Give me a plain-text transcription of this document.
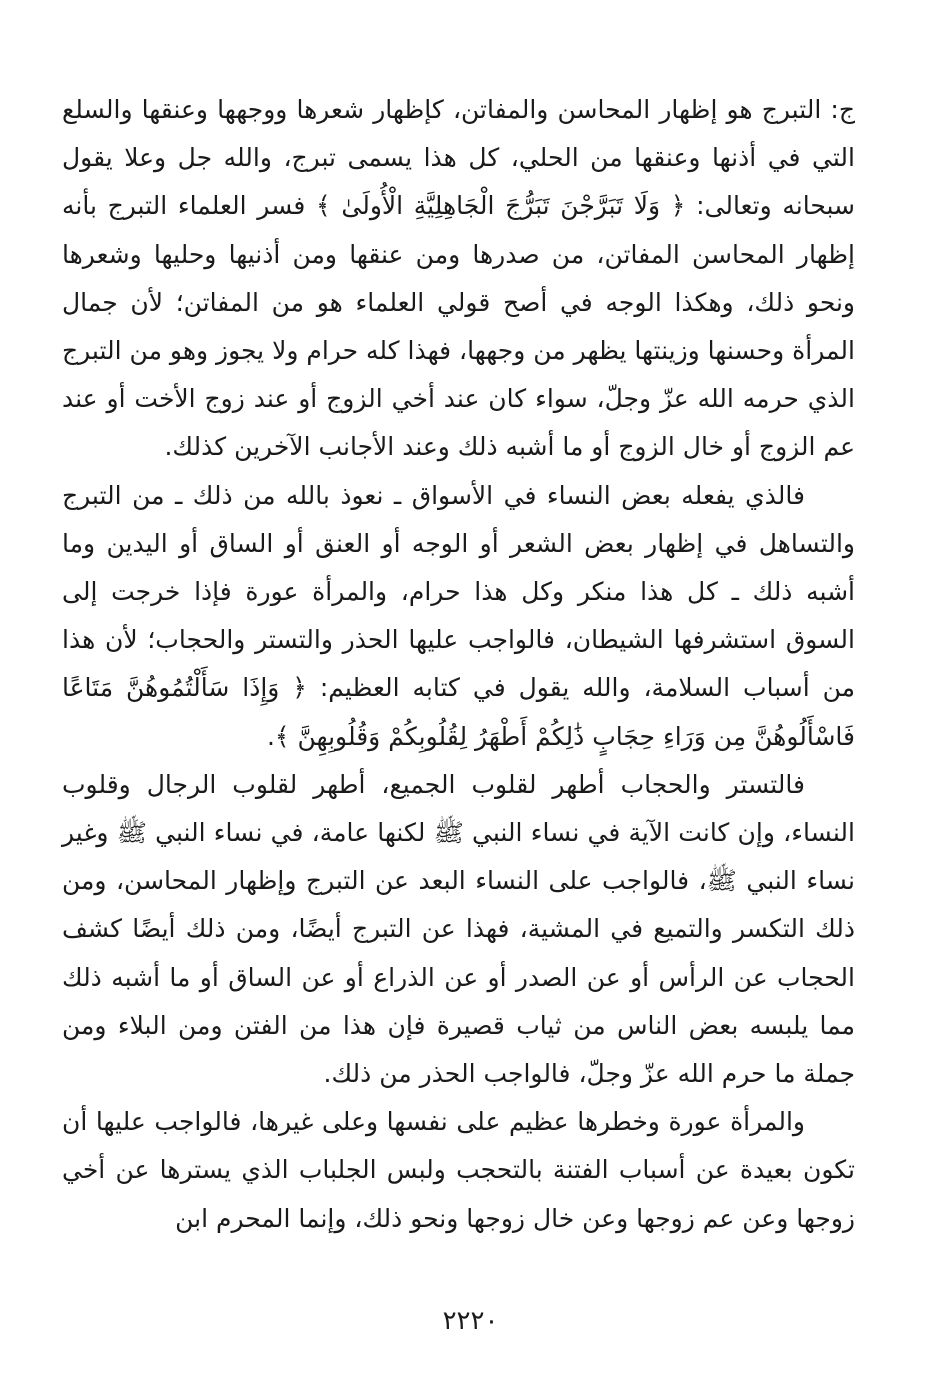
ج: التبرج هو إظهار المحاسن والمفاتن، كإظهار شعرها ووجهها وعنقها والسلع التي في أذنها وعنقها من الحلي، كل هذا يسمى تبرج، والله جل وعلا يقول سبحانه وتعالى: ﴿ وَلَا تَبَرَّجْنَ تَبَرُّجَ الْجَاهِلِيَّةِ الْأُولَىٰ ﴾ فسر العلماء التبرج بأنه إظهار المحاسن المفاتن، من صدرها ومن عنقها ومن أذنيها وحليها وشعرها ونحو ذلك، وهكذا الوجه في أصح قولي العلماء هو من المفاتن؛ لأن جمال المرأة وحسنها وزينتها يظهر من وجهها، فهذا كله حرام ولا يجوز وهو من التبرج الذي حرمه الله عزّ وجلّ، سواء كان عند أخي الزوج أو عند زوج الأخت أو عند عم الزوج أو خال الزوج أو ما أشبه ذلك وعند الأجانب الآخرين كذلك.

فالذي يفعله بعض النساء في الأسواق ـ نعوذ بالله من ذلك ـ من التبرج والتساهل في إظهار بعض الشعر أو الوجه أو العنق أو الساق أو اليدين وما أشبه ذلك ـ كل هذا منكر وكل هذا حرام، والمرأة عورة فإذا خرجت إلى السوق استشرفها الشيطان، فالواجب عليها الحذر والتستر والحجاب؛ لأن هذا من أسباب السلامة، والله يقول في كتابه العظيم: ﴿ وَإِذَا سَأَلْتُمُوهُنَّ مَتَاعًا فَاسْأَلُوهُنَّ مِن وَرَاءِ حِجَابٍ ذَٰلِكُمْ أَطْهَرُ لِقُلُوبِكُمْ وَقُلُوبِهِنَّ ﴾.

فالتستر والحجاب أطهر لقلوب الجميع، أطهر لقلوب الرجال وقلوب النساء، وإن كانت الآية في نساء النبي ﷺ لكنها عامة، في نساء النبي ﷺ وغير نساء النبي ﷺ، فالواجب على النساء البعد عن التبرج وإظهار المحاسن، ومن ذلك التكسر والتميع في المشية، فهذا عن التبرج أيضًا، ومن ذلك أيضًا كشف الحجاب عن الرأس أو عن الصدر أو عن الذراع أو عن الساق أو ما أشبه ذلك مما يلبسه بعض الناس من ثياب قصيرة فإن هذا من الفتن ومن البلاء ومن جملة ما حرم الله عزّ وجلّ، فالواجب الحذر من ذلك.

والمرأة عورة وخطرها عظيم على نفسها وعلى غيرها، فالواجب عليها أن تكون بعيدة عن أسباب الفتنة بالتحجب ولبس الجلباب الذي يسترها عن أخي زوجها وعن عم زوجها وعن خال زوجها ونحو ذلك، وإنما المحرم ابن

٢٢٢٠
